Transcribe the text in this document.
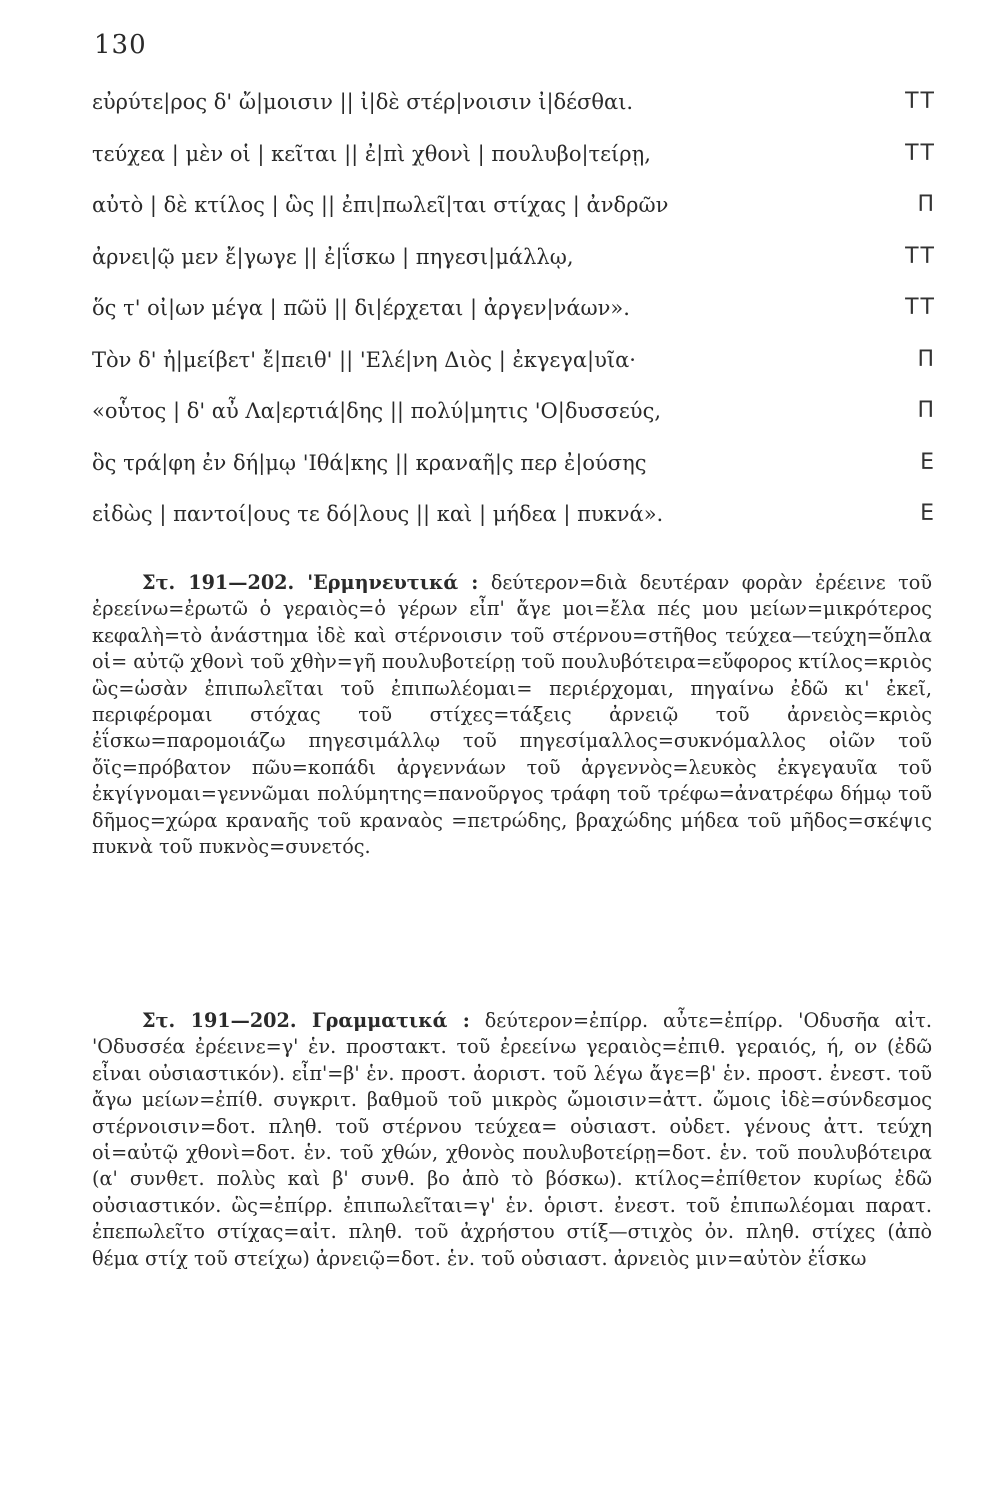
130
εὐρύτε|ρος δ' ὤ|μοισιν || ἰ|δὲ στέρ|νοισιν ἰ|δέσθαι.	ΤΤ
τεύχεα | μὲν οἱ | κεῖται || ἐ|πὶ χθονὶ | πουλυβο|τείρῃ,	ΤΤ
αὐτὸ | δὲ κτίλος | ὣς || ἐπι|πωλεῖ|ται στίχας | ἀνδρῶν	Π
ἀρνει|ῷ μεν ἔ|γωγε || ἐ|ΐσκω | πηγεσι|μάλλῳ,	ΤΤ
ὅς τ' οἰ|ων μέγα | πῶϋ || δι|έρχεται | ἀργεν|νάων».	ΤΤ
Τὸν δ' ἠ|μείβετ' ἔ|πειθ' || 'Ελέ|νη Διὸς | ἐκγεγα|υῖα·	Π
«οὗτος | δ' αὖ Λα|ερτιά|δης || πολύ|μητις 'Ο|δυσσεύς,	Π
ὃς τρά|φη ἐν δή|μῳ 'Ιθά|κης || κραναῆ|ς περ ἐ|ούσης	Ε
εἰδὼς | παντοί|ους τε δό|λους || καὶ | μήδεα | πυκνά».	Ε

Στ. 191—202. 'Ερμηνευτικά : δεύτερον=διὰ δευτέραν φορὰν ἐρέεινε τοῦ ἐρεείνω=ἐρωτῶ ὁ γεραιὸς=ὁ γέρων εἶπ' ἄγε μοι=ἔλα πές μου μείων=μικρότερος κεφαλὴ=τὸ ἀνάστημα ἰδὲ καὶ στέρνοισιν τοῦ στέρνου=στῆθος τεύχεα—τεύχη=ὅπλα οἱ= αὐτῷ χθονὶ τοῦ χθὴν=γῆ πουλυβοτείρῃ τοῦ πουλυβότειρα=εὔφορος κτίλος=κριὸς ὣς=ὡσὰν ἐπιπωλεῖται τοῦ ἐπιπωλέομαι= περιέρχομαι, πηγαίνω ἐδῶ κι' ἐκεῖ, περιφέρομαι στόχας τοῦ στίχες=τάξεις ἀρνειῷ τοῦ ἀρνειὸς=κριὸς ἐΐσκω=παρομοιάζω πηγεσιμάλλῳ τοῦ πηγεσίμαλλος=συκνόμαλλος οἰῶν τοῦ ὄϊς=πρόβατον πῶυ=κοπάδι ἀργεννάων τοῦ ἀργεννὸς=λευκὸς ἐκγεγαυῖα τοῦ ἐκγίγνομαι=γεννῶμαι πολύμητης=πανοῦργος τράφη τοῦ τρέφω=ἀνατρέφω δήμῳ τοῦ δῆμος=χώρα κραναῆς τοῦ κραναὸς =πετρώδης, βραχώδης μήδεα τοῦ μῆδος=σκέψις πυκνὰ τοῦ πυκνὸς=συνετός.

Στ. 191—202. Γραμματικά : δεύτερον=ἐπίρρ. αὖτε=ἐπίρρ. 'Οδυσῆα αἰτ. 'Οδυσσέα ἐρέεινε=γ' ἑν. προστακτ. τοῦ ἐρεείνω γεραιὸς=ἐπιθ. γεραιός, ή, ον (ἐδῶ εἶναι οὐσιαστικόν). εἶπ'=β' ἑν. προστ. ἀοριστ. τοῦ λέγω ἄγε=β' ἑν. προστ. ἐνεστ. τοῦ ἄγω μείων=ἐπίθ. συγκριτ. βαθμοῦ τοῦ μικρὸς ὤμοισιν=ἀττ. ὤμοις ἰδὲ=σύνδεσμος στέρνοισιν=δοτ. πληθ. τοῦ στέρνου τεύχεα= οὐσιαστ. οὐδετ. γένους ἀττ. τεύχη οἱ=αὐτῷ χθονὶ=δοτ. ἑν. τοῦ χθών, χθονὸς πουλυβοτείρῃ=δοτ. ἑν. τοῦ πουλυβότειρα (α' συνθετ. πολὺς καὶ β' συνθ. βο ἀπὸ τὸ βόσκω). κτίλος=ἐπίθετον κυρίως ἐδῶ οὐσιαστικόν. ὣς=ἐπίρρ. ἐπιπωλεῖται=γ' ἑν. ὁριστ. ἐνεστ. τοῦ ἐπιπωλέομαι παρατ. ἐπεπωλεῖτο στίχας=αἰτ. πληθ. τοῦ ἀχρήστου στίξ—στιχὸς ὀν. πληθ. στίχες (ἀπὸ θέμα στίχ τοῦ στείχω) ἀρνειῷ=δοτ. ἑν. τοῦ οὐσιαστ. ἀρνειὸς μιν=αὐτὸν ἐΐσκω
